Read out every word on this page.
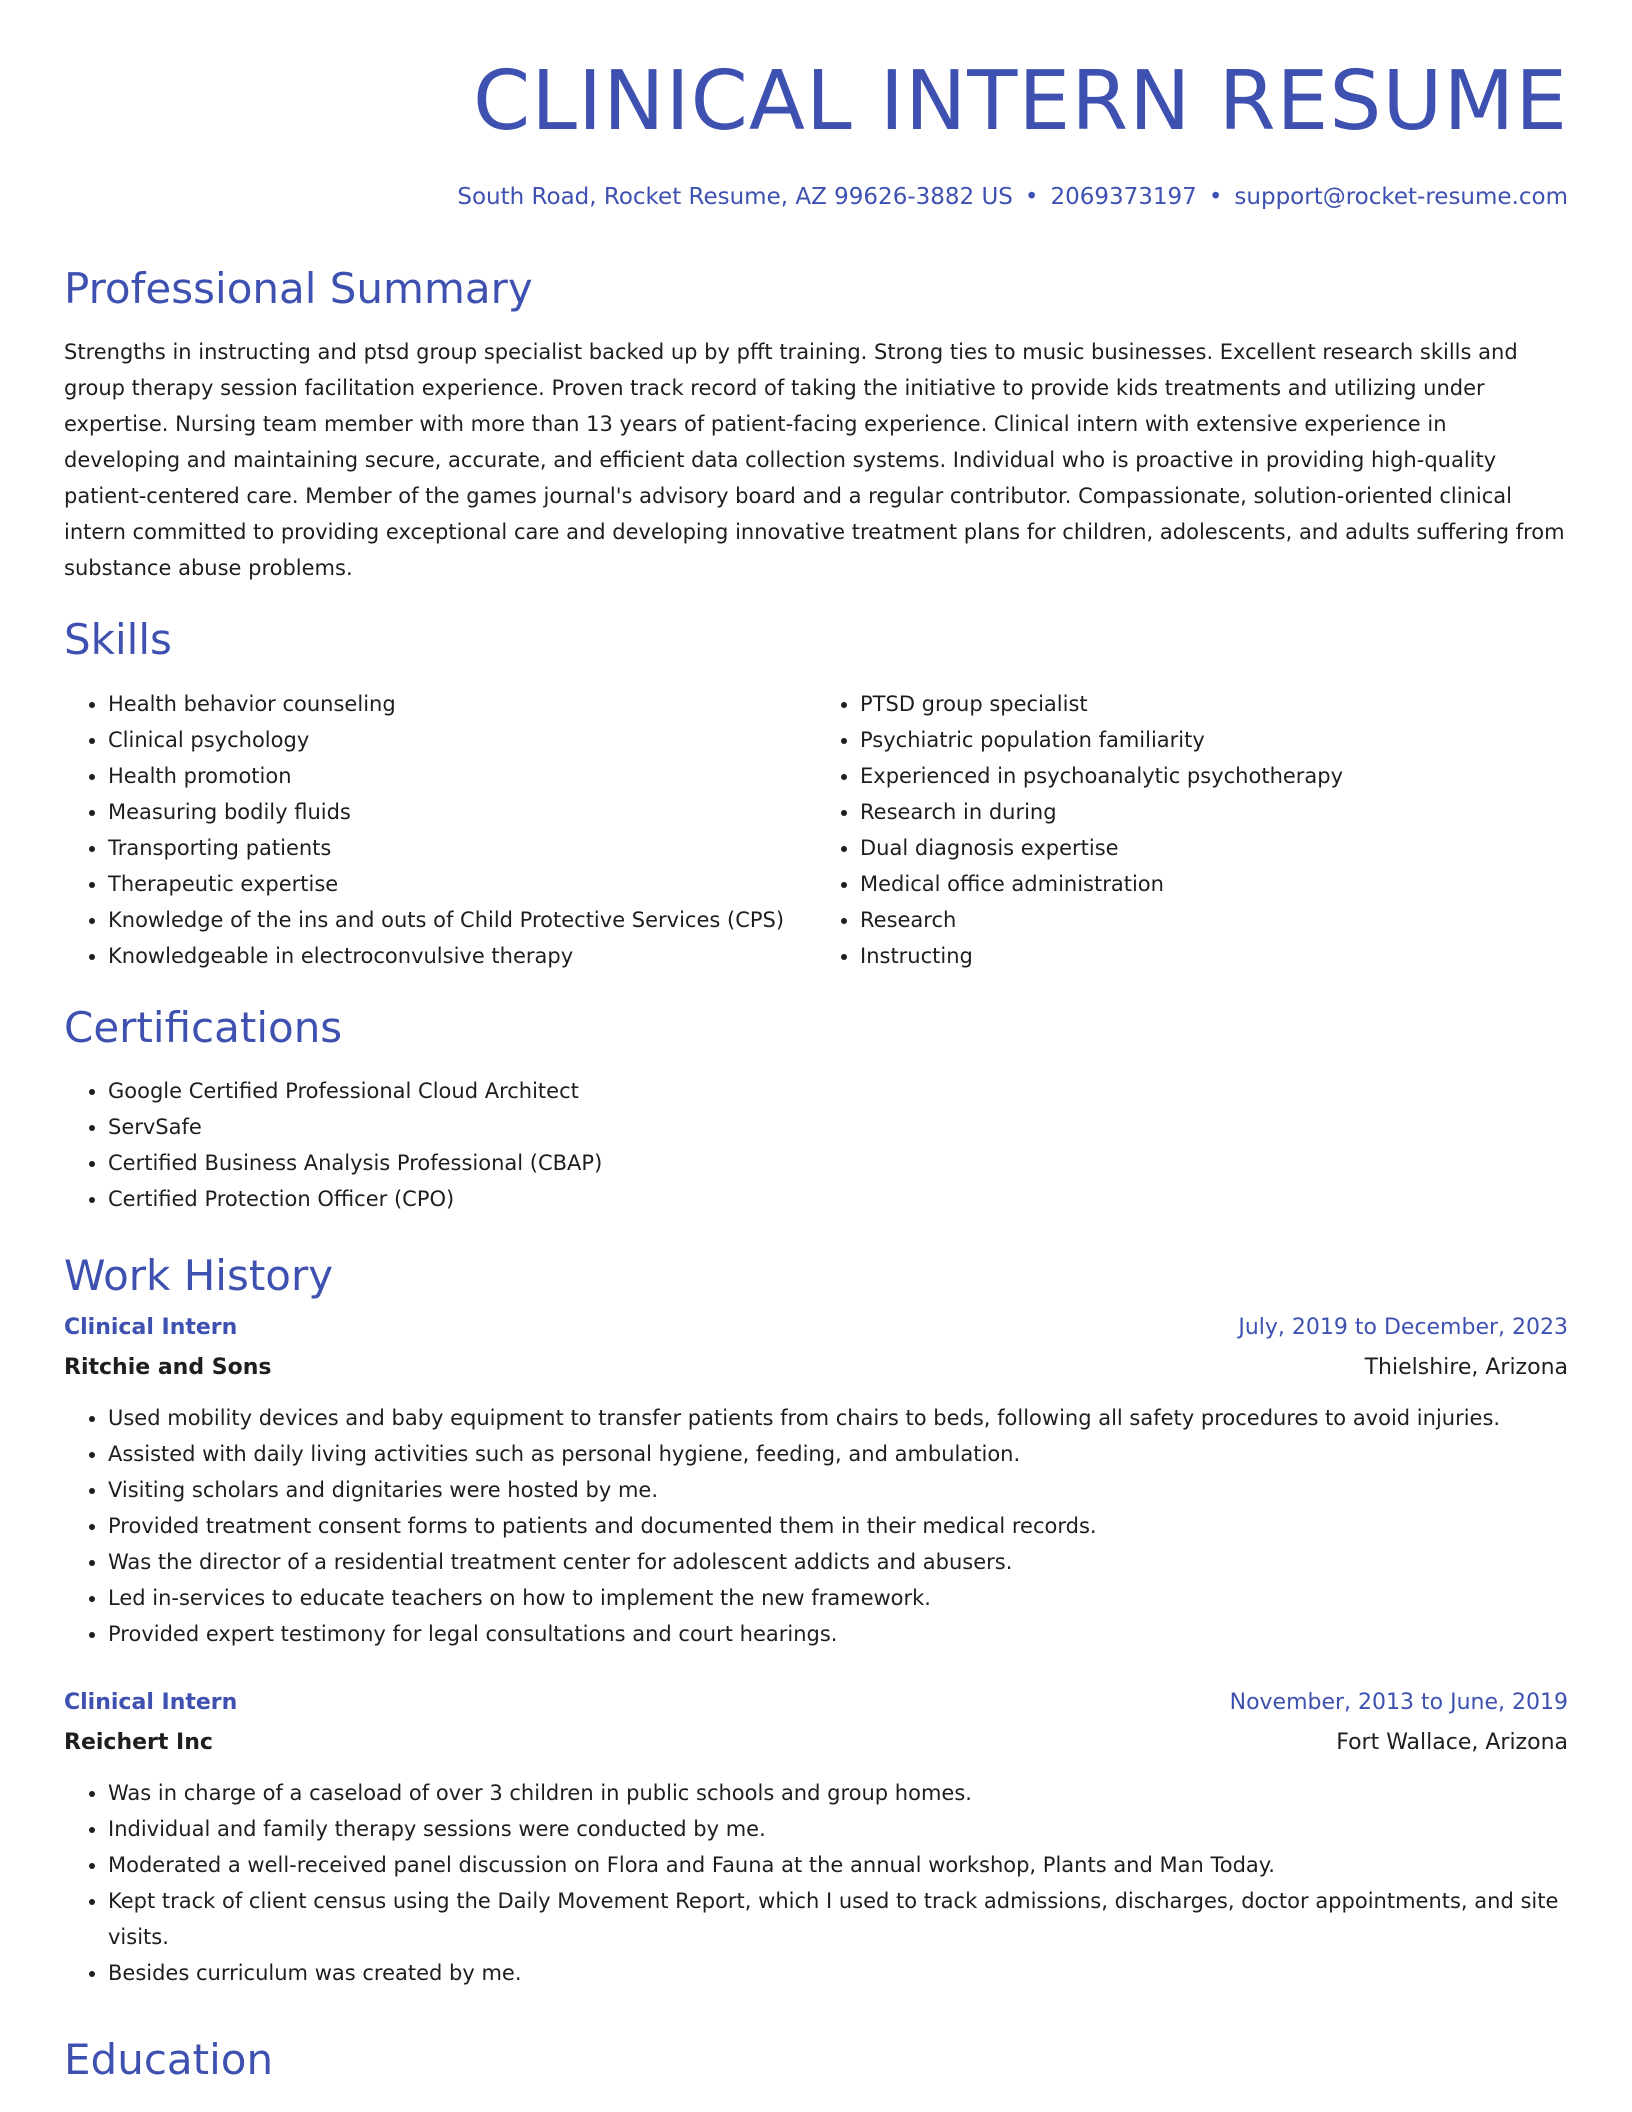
CLINICAL INTERN RESUME
South Road, Rocket Resume, AZ 99626-3882 US • 2069373197 • support@rocket-resume.com
Professional Summary

Strengths in instructing and ptsd group specialist backed up by pfft training. Strong ties to music businesses. Excellent research skills and group therapy session facilitation experience. Proven track record of taking the initiative to provide kids treatments and utilizing under expertise. Nursing team member with more than 13 years of patient-facing experience. Clinical intern with extensive experience in developing and maintaining secure, accurate, and efficient data collection systems. Individual who is proactive in providing high-quality patient-centered care. Member of the games journal's advisory board and a regular contributor. Compassionate, solution-oriented clinical intern committed to providing exceptional care and developing innovative treatment plans for children, adolescents, and adults suffering from substance abuse problems.

Skills
• Health behavior counseling
• Clinical psychology
• Health promotion
• Measuring bodily fluids
• Transporting patients
• Therapeutic expertise
• Knowledge of the ins and outs of Child Protective Services (CPS)
• Knowledgeable in electroconvulsive therapy
• PTSD group specialist
• Psychiatric population familiarity
• Experienced in psychoanalytic psychotherapy
• Research in during
• Dual diagnosis expertise
• Medical office administration
• Research
• Instructing
Certifications
• Google Certified Professional Cloud Architect
• ServSafe
• Certified Business Analysis Professional (CBAP)
• Certified Protection Officer (CPO)
Work History
Clinical Intern	July, 2019 to December, 2023
Ritchie and Sons	Thielshire, Arizona
• Used mobility devices and baby equipment to transfer patients from chairs to beds, following all safety procedures to avoid injuries.
• Assisted with daily living activities such as personal hygiene, feeding, and ambulation.
• Visiting scholars and dignitaries were hosted by me.
• Provided treatment consent forms to patients and documented them in their medical records.
• Was the director of a residential treatment center for adolescent addicts and abusers.
• Led in-services to educate teachers on how to implement the new framework.
• Provided expert testimony for legal consultations and court hearings.
Clinical Intern	November, 2013 to June, 2019
Reichert Inc	Fort Wallace, Arizona
• Was in charge of a caseload of over 3 children in public schools and group homes.
• Individual and family therapy sessions were conducted by me.
• Moderated a well-received panel discussion on Flora and Fauna at the annual workshop, Plants and Man Today.
• Kept track of client census using the Daily Movement Report, which I used to track admissions, discharges, doctor appointments, and site visits.
• Besides curriculum was created by me.
Education
